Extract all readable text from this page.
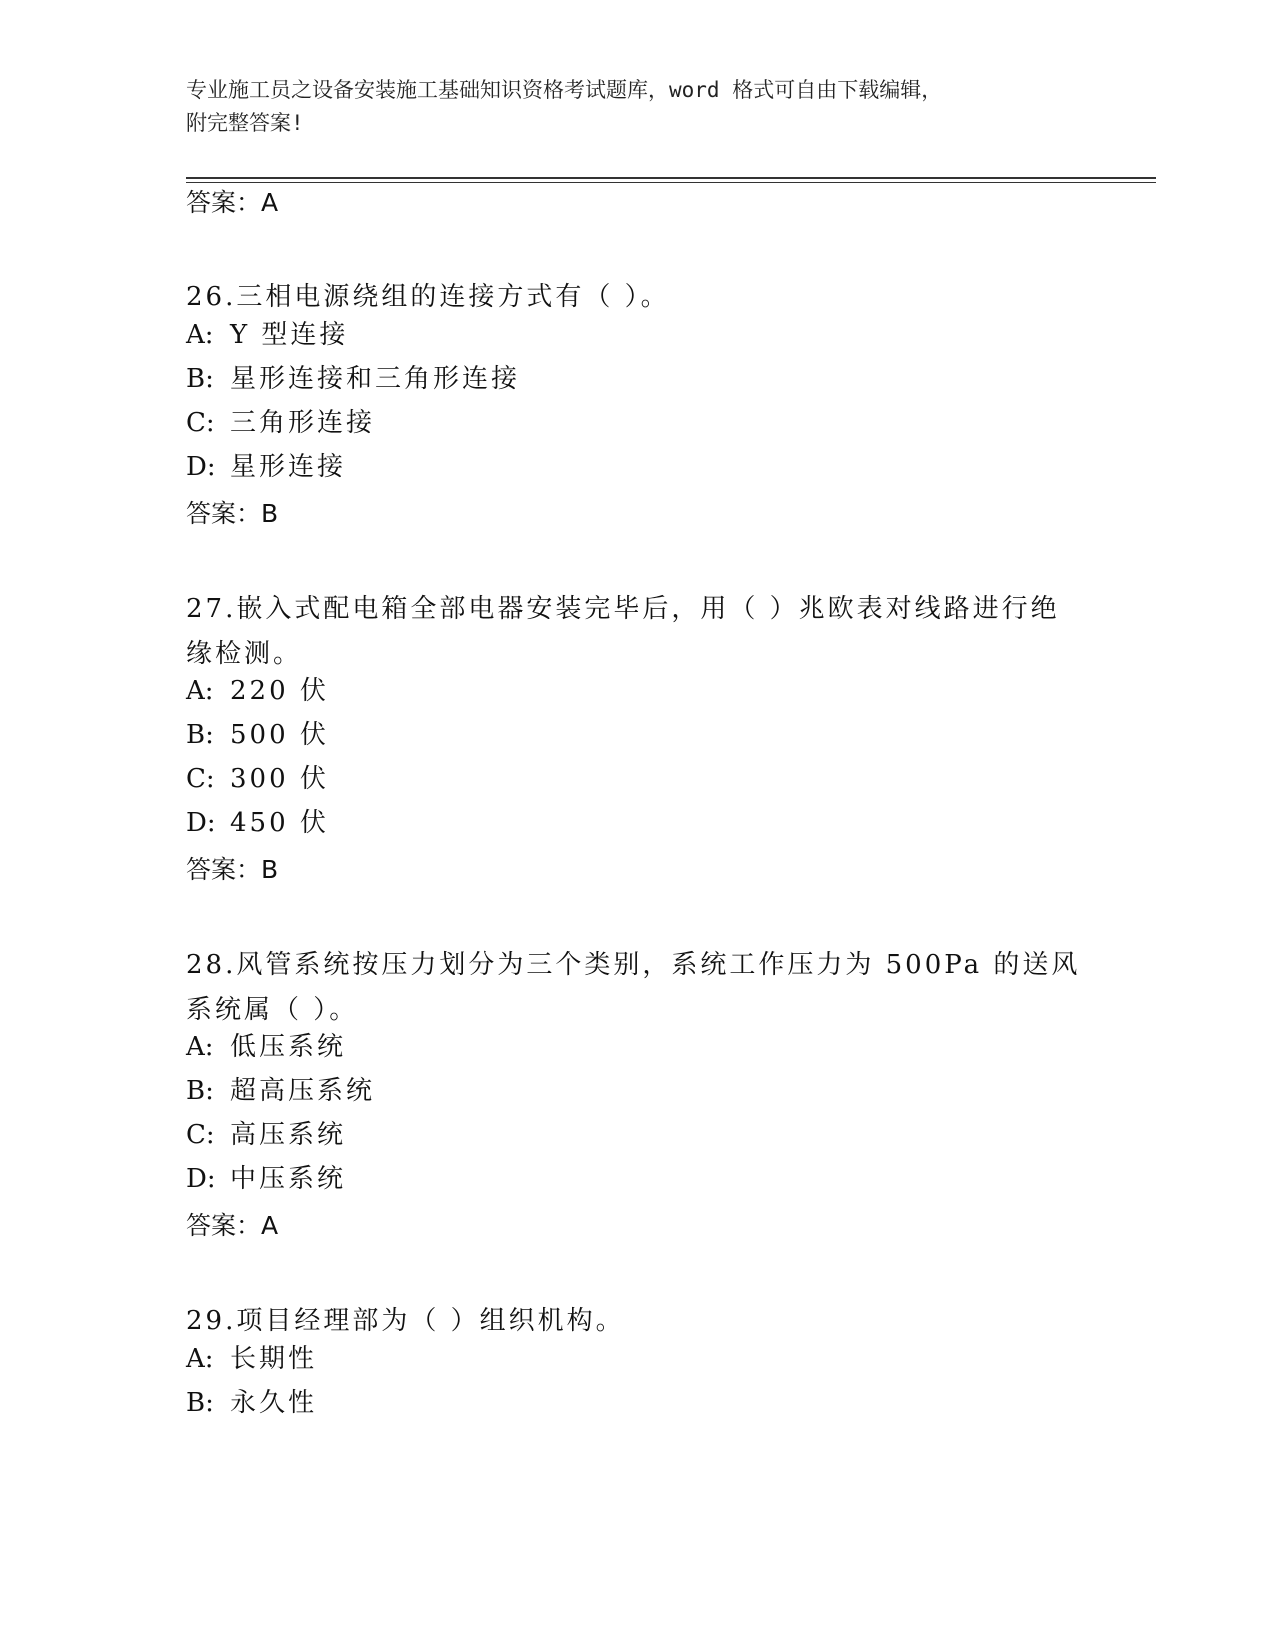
专业施工员之设备安装施工基础知识资格考试题库，word 格式可自由下载编辑，
附完整答案!
答案：A
26.三相电源绕组的连接方式有（ ）。
A: Y 型连接
B: 星形连接和三角形连接
C: 三角形连接
D: 星形连接
答案：B
27.嵌入式配电箱全部电器安装完毕后，用（ ）兆欧表对线路进行绝缘检测。
A: 220 伏
B: 500 伏
C: 300 伏
D: 450 伏
答案：B
28.风管系统按压力划分为三个类别，系统工作压力为 500Pa 的送风系统属（ ）。
A: 低压系统
B: 超高压系统
C: 高压系统
D: 中压系统
答案：A
29.项目经理部为（ ）组织机构。
A: 长期性
B: 永久性
